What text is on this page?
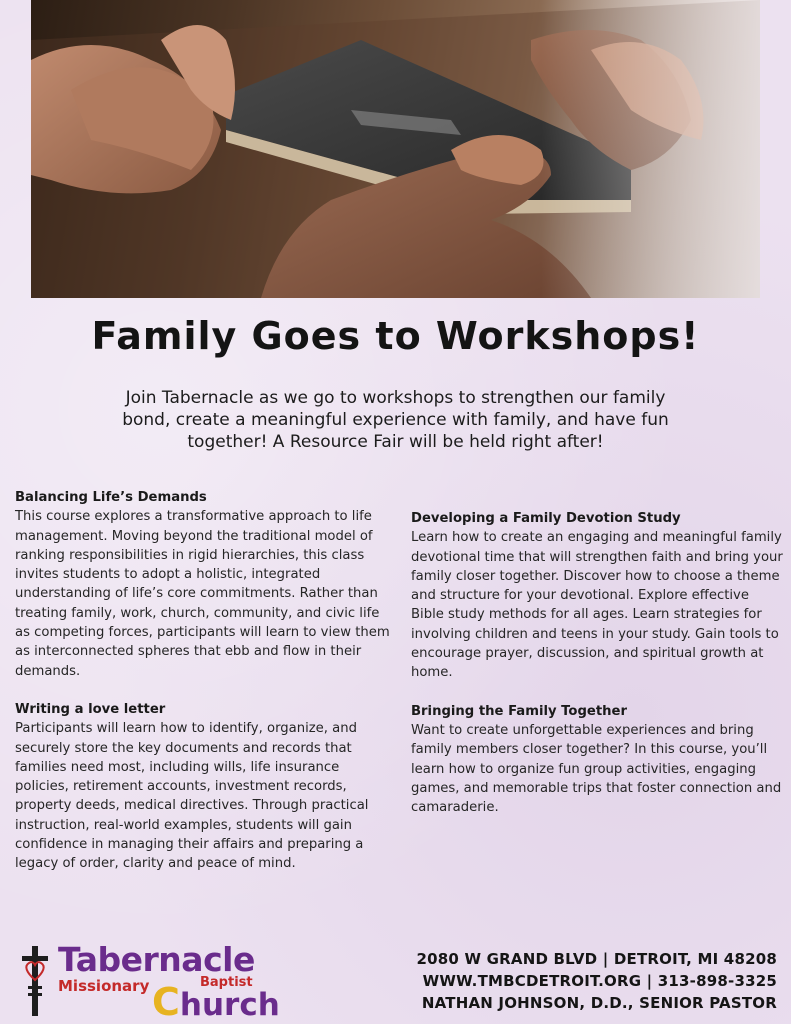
Family Goes to Workshops!
Join Tabernacle as we go to workshops to strengthen our family bond, create a meaningful experience with family, and have fun together! A Resource Fair will be held right after!
Balancing Life’s Demands

This course explores a transformative approach to life management. Moving beyond the traditional model of ranking responsibilities in rigid hierarchies, this class invites students to adopt a holistic, integrated understanding of life’s core commitments. Rather than treating family, work, church, community, and civic life as competing forces, participants will learn to view them as interconnected spheres that ebb and flow in their demands.

Writing a love letter

Participants will learn how to identify, organize, and securely store the key documents and records that families need most, including wills, life insurance policies, retirement accounts, investment records, property deeds, medical directives. Through practical instruction, real-world examples, students will gain confidence in managing their affairs and preparing a legacy of order, clarity and peace of mind.

Developing a Family Devotion Study

Learn how to create an engaging and meaningful family devotional time that will strengthen faith and bring your family closer together. Discover how to choose a theme and structure for your devotional. Explore effective Bible study methods for all ages. Learn strategies for involving children and teens in your study. Gain tools to encourage prayer, discussion, and spiritual growth at home.

Bringing the Family Together

Want to create unforgettable experiences and bring family members closer together? In this course, you’ll learn how to organize fun group activities, engaging games, and memorable trips that foster connection and camaraderie.

Tabernacle
Missionary	Baptist
Church
2080 W GRAND BLVD | DETROIT, MI 48208
WWW.TMBCDETROIT.ORG | 313-898-3325
NATHAN JOHNSON, D.D., SENIOR PASTOR
